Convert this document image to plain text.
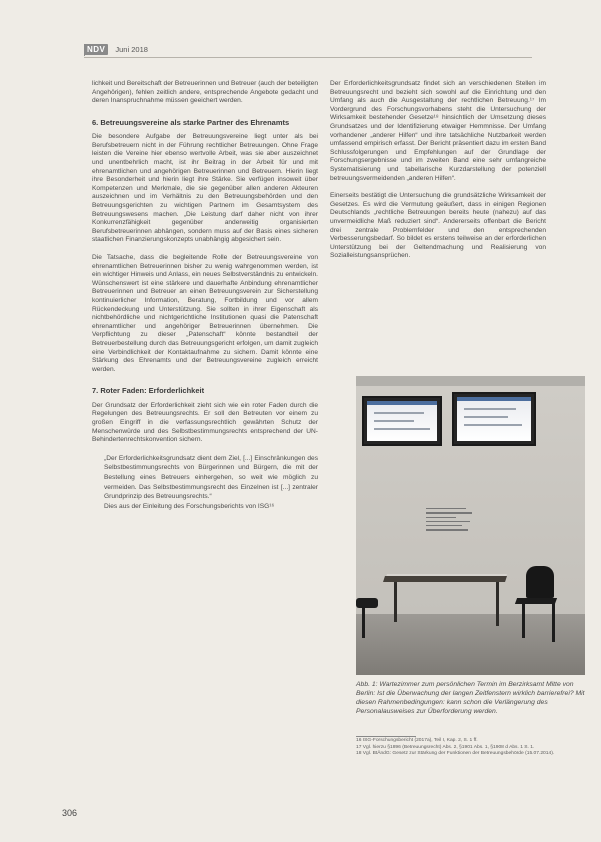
NDV	Juni 2018

lichkeit und Bereitschaft der Betreuerinnen und Betreuer (auch der beteiligten Angehörigen), fehlen zeitlich andere, entsprechende Angebote gedacht und deren Inanspruchnahme müssen geeichert werden.

6. Betreuungsvereine als starke Partner des Ehrenamts

Die besondere Aufgabe der Betreuungsvereine liegt unter als bei Berufsbetreuern nicht in der Führung rechtlicher Betreuungen. Ohne Frage leisten die Vereine hier ebenso wertvolle Arbeit, was sie aber auszeichnet und unentbehrlich macht, ist ihr Beitrag in der Arbeit für und mit ehrenamtlichen und angehörigen Betreuerinnen und Betreuern. Hierin liegt ihre Besonderheit und hierin liegt ihre Stärke. Sie verfügen insoweit über Kompetenzen und Merkmale, die sie gegenüber allen anderen Akteuren auszeichnen und im Verhältnis zu den Betreuungsbehörden und den Betreuungsgerichten zu wichtigen Partnern im Gesamtsystem des Betreuungswesens machen. „Die Leistung darf daher nicht von ihrer Konkurrenzfähigkeit gegenüber anderweitig organisierten Berufsbetreuerinnen abhängen, sondern muss auf der Basis eines sicheren staatlichen Finanzierungskonzepts unabhängig abgesichert sein.

Die Tatsache, dass die begleitende Rolle der Betreuungsvereine von ehrenamtlichen Betreuerinnen bisher zu wenig wahrgenommen werden, ist ein wichtiger Hinweis und Anlass, ein neues Selbstverständnis zu entwickeln. Wünschenswert ist eine stärkere und dauerhafte Anbindung ehrenamtlicher Betreuerinnen und Betreuer an einen Betreuungsverein zur Sicherstellung kontinuierlicher Information, Beratung, Fortbildung und vor allem Rückendeckung und Unterstützung. Sie sollten in ihrer Eigenschaft als nichtbehördliche und nichtgerichtliche Institutionen quasi die Patenschaft ehrenamtlicher und angehöriger Betreuerinnen übernehmen. Die Verpflichtung zu dieser „Patenschaft“ könnte bestandteil der Betreuerbestellung durch das Betreuungsgericht erfolgen, um damit zugleich eine Verbindlichkeit der Kontaktaufnahme zu sichern. Damit könnte eine Stärkung des Ehrenamts und der Betreuungsvereine zugleich erreicht werden.

7. Roter Faden: Erforderlichkeit

Der Grundsatz der Erforderlichkeit zieht sich wie ein roter Faden durch die Regelungen des Betreuungsrechts. Er soll den Betreuten vor einem zu großen Eingriff in die verfassungsrechtlich gewährten Schutz der Menschenwürde und des Selbstbestimmungsrechts entsprechend der UN-Behindertenrechtskonvention sichern.

„Der Erforderlichkeitsgrundsatz dient dem Ziel, [...] Einschränkungen des Selbstbestimmungsrechts von Bürgerinnen und Bürgern, die mit der Bestellung eines Betreuers einhergehen, so weit wie möglich zu vermeiden. Das Selbstbestimmungsrecht des Einzelnen ist [...] zentraler Grundprinzip des Betreuungsrechts.“
Dies aus der Einleitung des Forschungsberichts von ISG¹⁶

Der Erforderlichkeitsgrundsatz findet sich an verschiedenen Stellen im Betreuungsrecht und bezieht sich sowohl auf die Einrichtung und den Umfang als auch die Ausgestaltung der rechtlichen Betreuung.¹⁷ Im Vordergrund des Forschungsvorhabens steht die Untersuchung der Wirksamkeit bestehender Gesetze¹⁸ hinsichtlich der Umsetzung dieses Grundsatzes und der Identifizierung etwaiger Hemmnisse. Der Umfang vorhandener „anderer Hilfen“ und ihre tatsächliche Nutzbarkeit werden umfassend empirisch erfasst. Der Bericht präsentiert dazu im ersten Band Schlussfolgerungen und Empfehlungen auf der Grundlage der Forschungsergebnisse und im zweiten Band eine sehr umfangreiche Systematisierung und tabellarische Kurzdarstellung der potenziell betreuungsvermeidenden „anderen Hilfen“.

Einerseits bestätigt die Untersuchung die grundsätzliche Wirksamkeit der Gesetzes. Es wird die Vermutung geäußert, dass in einigen Regionen Deutschlands „rechtliche Betreuungen bereits heute (nahezu) auf das unvermeidliche Maß reduziert sind“. Andererseits offenbart die Bericht drei zentrale Problemfelder und den entsprechenden Verbesserungsbedarf. So bildet es erstens teilweise an der erforderlichen Unterstützung bei der Geltendmachung und Realisierung von Sozialleistungsansprüchen.

Abb. 1: Wartezimmer zum persönlichen Termin im Berzirksamt Mitte von Berlin: Ist die Überwachung der langen Zeitfenstern wirklich barrierefrei? Mit diesen Rahmenbedingungen: kann schon die Verlängerung des Personalausweises zur Überforderung werden.
16 ISG-Forschungsbericht (2017a), Teil I, Kap. 2, S. 1 ff.
17 Vgl. hierzu §1896 (Betreuungsrecht) Abs. 2, §1901 Abs. 1, §1908 d Abs. 1 S. 1.
18 Vgl. BtÄndG: Gesetz zur Stärkung der Funktionen der Betreuungsbehörde (15.07.2014).
306
